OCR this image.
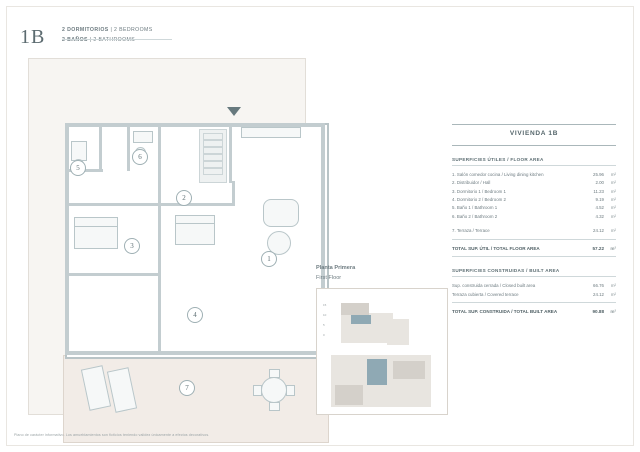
1B	2 DORMITORIOS | 2 BEDROOMS
1
2
3
4
5
6
7
Planta Primera
First Floor
15
10
5
0
VIVIENDA 1B
SUPERFICIES ÚTILES / FLOOR AREA
1. Salón comedor cocina / Living dining kitchen	25.96	m²
2. Distribuidor / Hall	2.00	m²
3. Dormitorio 1 / Bedroom 1	11.23	m²
4. Dormitorio 2 / Bedroom 2	9.19	m²
5. Baño 1 / Bathroom 1	4.52	m²
6. Baño 2 / Bathroom 2	4.32	m²
7. Terraza / Terrace	24.12	m²
TOTAL SUP. ÚTIL / TOTAL FLOOR AREA	57.22	m²
SUPERFICIES CONSTRUIDAS / BUILT AREA
Sup. construida cerrada / Closed built area	66.76	m²
Terraza cubierta / Covered terrace	24.12	m²
TOTAL SUP. CONSTRUIDA / TOTAL BUILT AREA	90.88	m²
Plano de carácter informativo. Los amueblamientos son ficticios teniendo validez únicamente a efectos decorativos.
